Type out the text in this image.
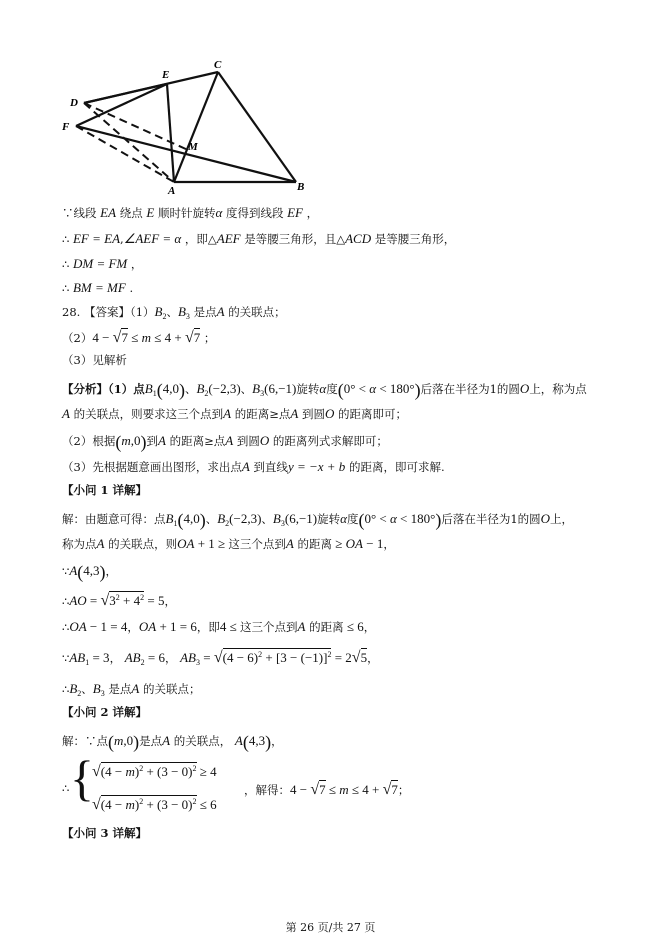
C
E
D
F
M
A	B
∵线段 EA 绕点 E 顺时针旋转α 度得到线段 EF ，
∴ EF = EA,∠AEF = α ，即△AEF 是等腰三角形，且△ACD 是等腰三角形，
∴ DM = FM ，
∴ BM = MF .
28. 【答案】$(1)B_2$、$B_3$ 是点A 的关联点；
（2）4 − √7 ≤ m ≤ 4 + √7 ；
（3）见解析
【分析】（1）点$B_1(4,0)$、$B_2(-2,3)$、$B_3(6,-1)$旋转α度(0° < α < 180°)后落在半径为1的圆O上，称为点
A 的关联点，则要求这三个点到A 的距离≥点A 到圆O 的距离即可；
（2）根据(m,0)到A 的距离≥点A 到圆O 的距离列式求解即可；
（3）先根据题意画出图形，求出点A 到直线y = −x + b 的距离，即可求解.
【小问 1 详解】
解：由题意可得：点$B_1(4,0)$、$B_2(-2,3)$、$B_3(6,-1)$旋转α度(0° < α < 180°)后落在半径为1的圆O上，
称为点A 的关联点，则OA + 1 ≥ 这三个点到A 的距离 ≥ OA − 1，
∵A(4,3)，
∴AO = $√3^2 + 4^2 = 5$，
∴OA − 1 = 4，OA + 1 = 6，即4 ≤ 这三个点到A 的距离 ≤ 6，
$\because AB_1 = 3$， $AB_2 = 6$， $AB_3 = √(4 - 6)^2 + [3 - (-1)]^2 = 2√5$，
$\therefore B_2$、$B_3$ 是点A 的关联点；
【小问 2 详解】
解：∵点(m,0)是点A 的关联点， A(4,3)，
∴ {
$√(4 - m)^2 + (3 - 0)^2 \ge 4$
$√(4 - m)^2 + (3 - 0)^2 \le 6$
，解得：4 − √7 ≤ m ≤ 4 + √7；
【小问 3 详解】
第 26 页/共 27 页
